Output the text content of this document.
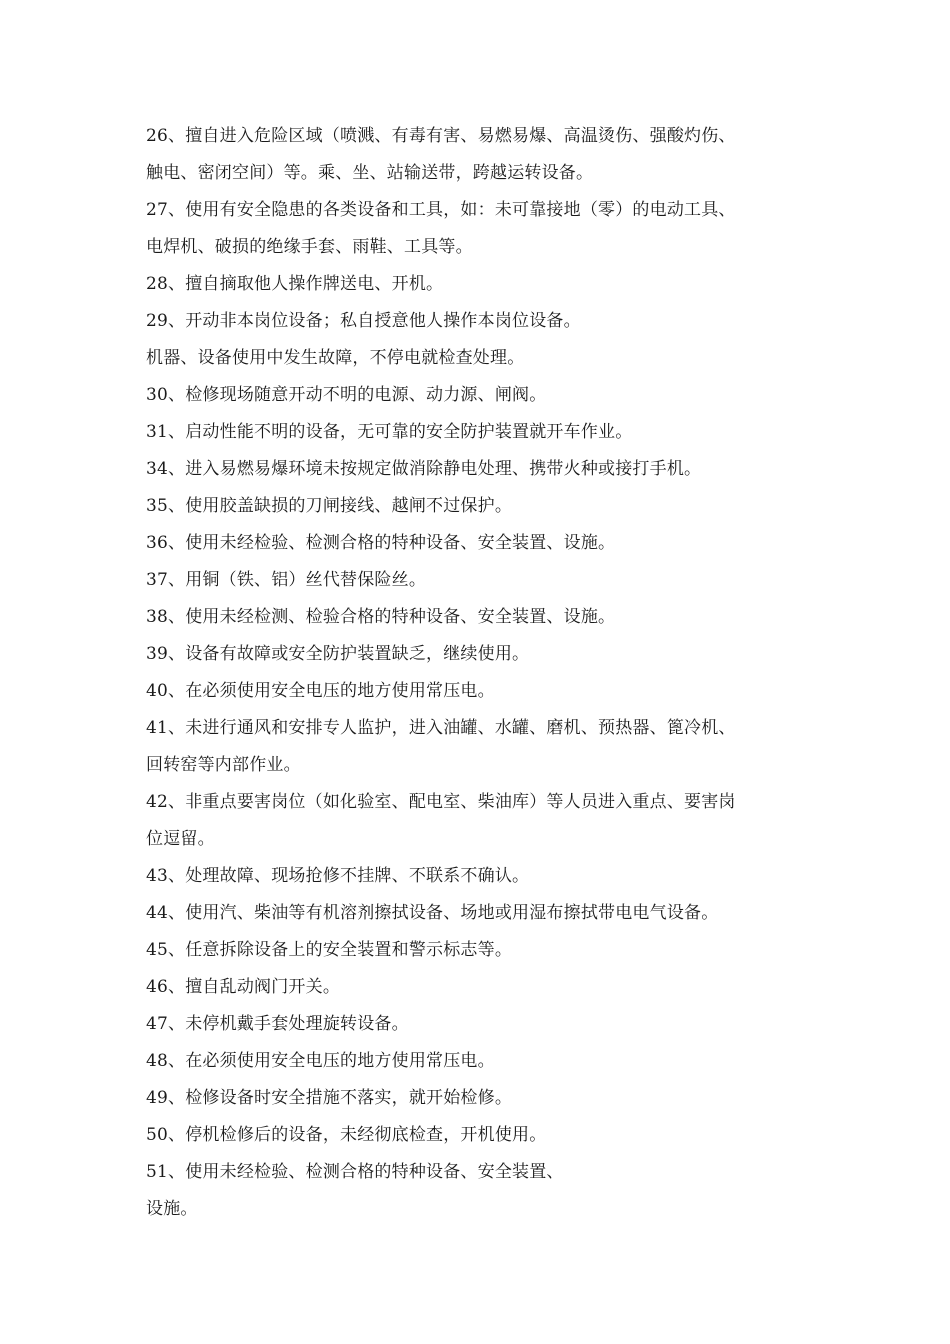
26、擅自进入危险区域（喷溅、有毒有害、易燃易爆、高温烫伤、强酸灼伤、
触电、密闭空间）等。乘、坐、站输送带，跨越运转设备。
27、使用有安全隐患的各类设备和工具，如：未可靠接地（零）的电动工具、
电焊机、破损的绝缘手套、雨鞋、工具等。
28、擅自摘取他人操作牌送电、开机。
29、开动非本岗位设备；私自授意他人操作本岗位设备。
机器、设备使用中发生故障，不停电就检查处理。
30、检修现场随意开动不明的电源、动力源、闸阀。
31、启动性能不明的设备，无可靠的安全防护装置就开车作业。
34、进入易燃易爆环境未按规定做消除静电处理、携带火种或接打手机。
35、使用胶盖缺损的刀闸接线、越闸不过保护。
36、使用未经检验、检测合格的特种设备、安全装置、设施。
37、用铜（铁、铝）丝代替保险丝。
38、使用未经检测、检验合格的特种设备、安全装置、设施。
39、设备有故障或安全防护装置缺乏，继续使用。
40、在必须使用安全电压的地方使用常压电。
41、未进行通风和安排专人监护，进入油罐、水罐、磨机、预热器、篦冷机、
回转窑等内部作业。
42、非重点要害岗位（如化验室、配电室、柴油库）等人员进入重点、要害岗
位逗留。
43、处理故障、现场抢修不挂牌、不联系不确认。
44、使用汽、柴油等有机溶剂擦拭设备、场地或用湿布擦拭带电电气设备。
45、任意拆除设备上的安全装置和警示标志等。
46、擅自乱动阀门开关。
47、未停机戴手套处理旋转设备。
48、在必须使用安全电压的地方使用常压电。
49、检修设备时安全措施不落实，就开始检修。
50、停机检修后的设备，未经彻底检查，开机使用。
51、使用未经检验、检测合格的特种设备、安全装置、
设施。
